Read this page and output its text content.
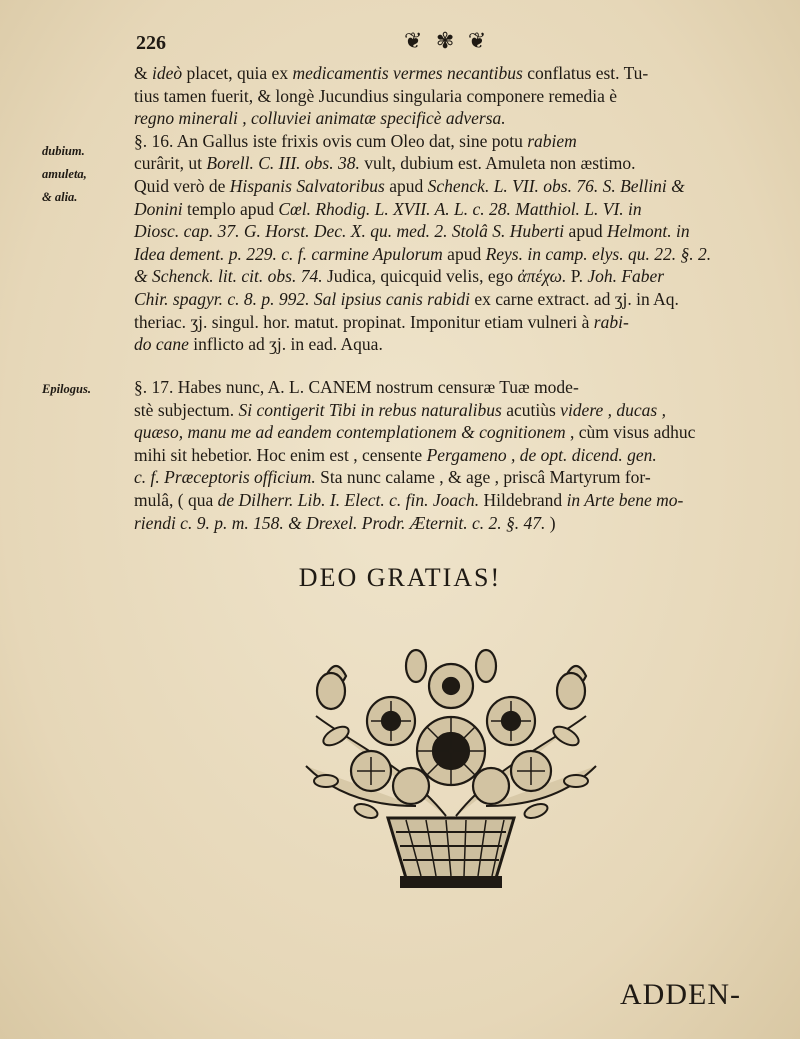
226	❦ ✾ ❦
dubium.
amuleta,
& alia.
Epilogus.
& ideò placet, quia ex medicamentis vermes necantibus conflatus est. Tu-
tius tamen fuerit, & longè Jucundius singularia componere remedia è
regno minerali , colluviei animatæ specificè adversa.
§. 16. An Gallus iste frixis ovis cum Oleo dat, sine potu rabiem
curârit, ut Borell. C. III. obs. 38. vult, dubium est. Amuleta non æstimo.
Quid verò de Hispanis Salvatoribus apud Schenck. L. VII. obs. 76. S. Bellini &
Donini templo apud Cœl. Rhodig. L. XVII. A. L. c. 28. Matthiol. L. VI. in
Diosc. cap. 37. G. Horst. Dec. X. qu. med. 2. Stolâ S. Huberti apud Helmont. in
Idea dement. p. 229. c. f. carmine Apulorum apud Reys. in camp. elys. qu. 22. §. 2.
& Schenck. lit. cit. obs. 74. Judica, quicquid velis, ego ἀπέχω. P. Joh. Faber
Chir. spagyr. c. 8. p. 992. Sal ipsius canis rabidi ex carne extract. ad ʒj. in Aq.
theriac. ʒj. singul. hor. matut. propinat. Imponitur etiam vulneri à rabi-
do cane inflicto ad ʒj. in ead. Aqua.
§. 17. Habes nunc, A. L. CANEM nostrum censuræ Tuæ mode-
stè subjectum. Si contigerit Tibi in rebus naturalibus acutiùs videre , ducas ,
quæso, manu me ad eandem contemplationem & cognitionem , cùm visus adhuc
mihi sit hebetior. Hoc enim est , censente Pergameno , de opt. dicend. gen.
c. f. Præceptoris officium. Sta nunc calame , & age , priscâ Martyrum for-
mulâ, ( qua de Dilherr. Lib. I. Elect. c. fin. Joach. Hildebrand in Arte bene mo-
riendi c. 9. p. m. 158. & Drexel. Prodr. Æternit. c. 2. §. 47. )
DEO GRATIAS!
ADDEN-
